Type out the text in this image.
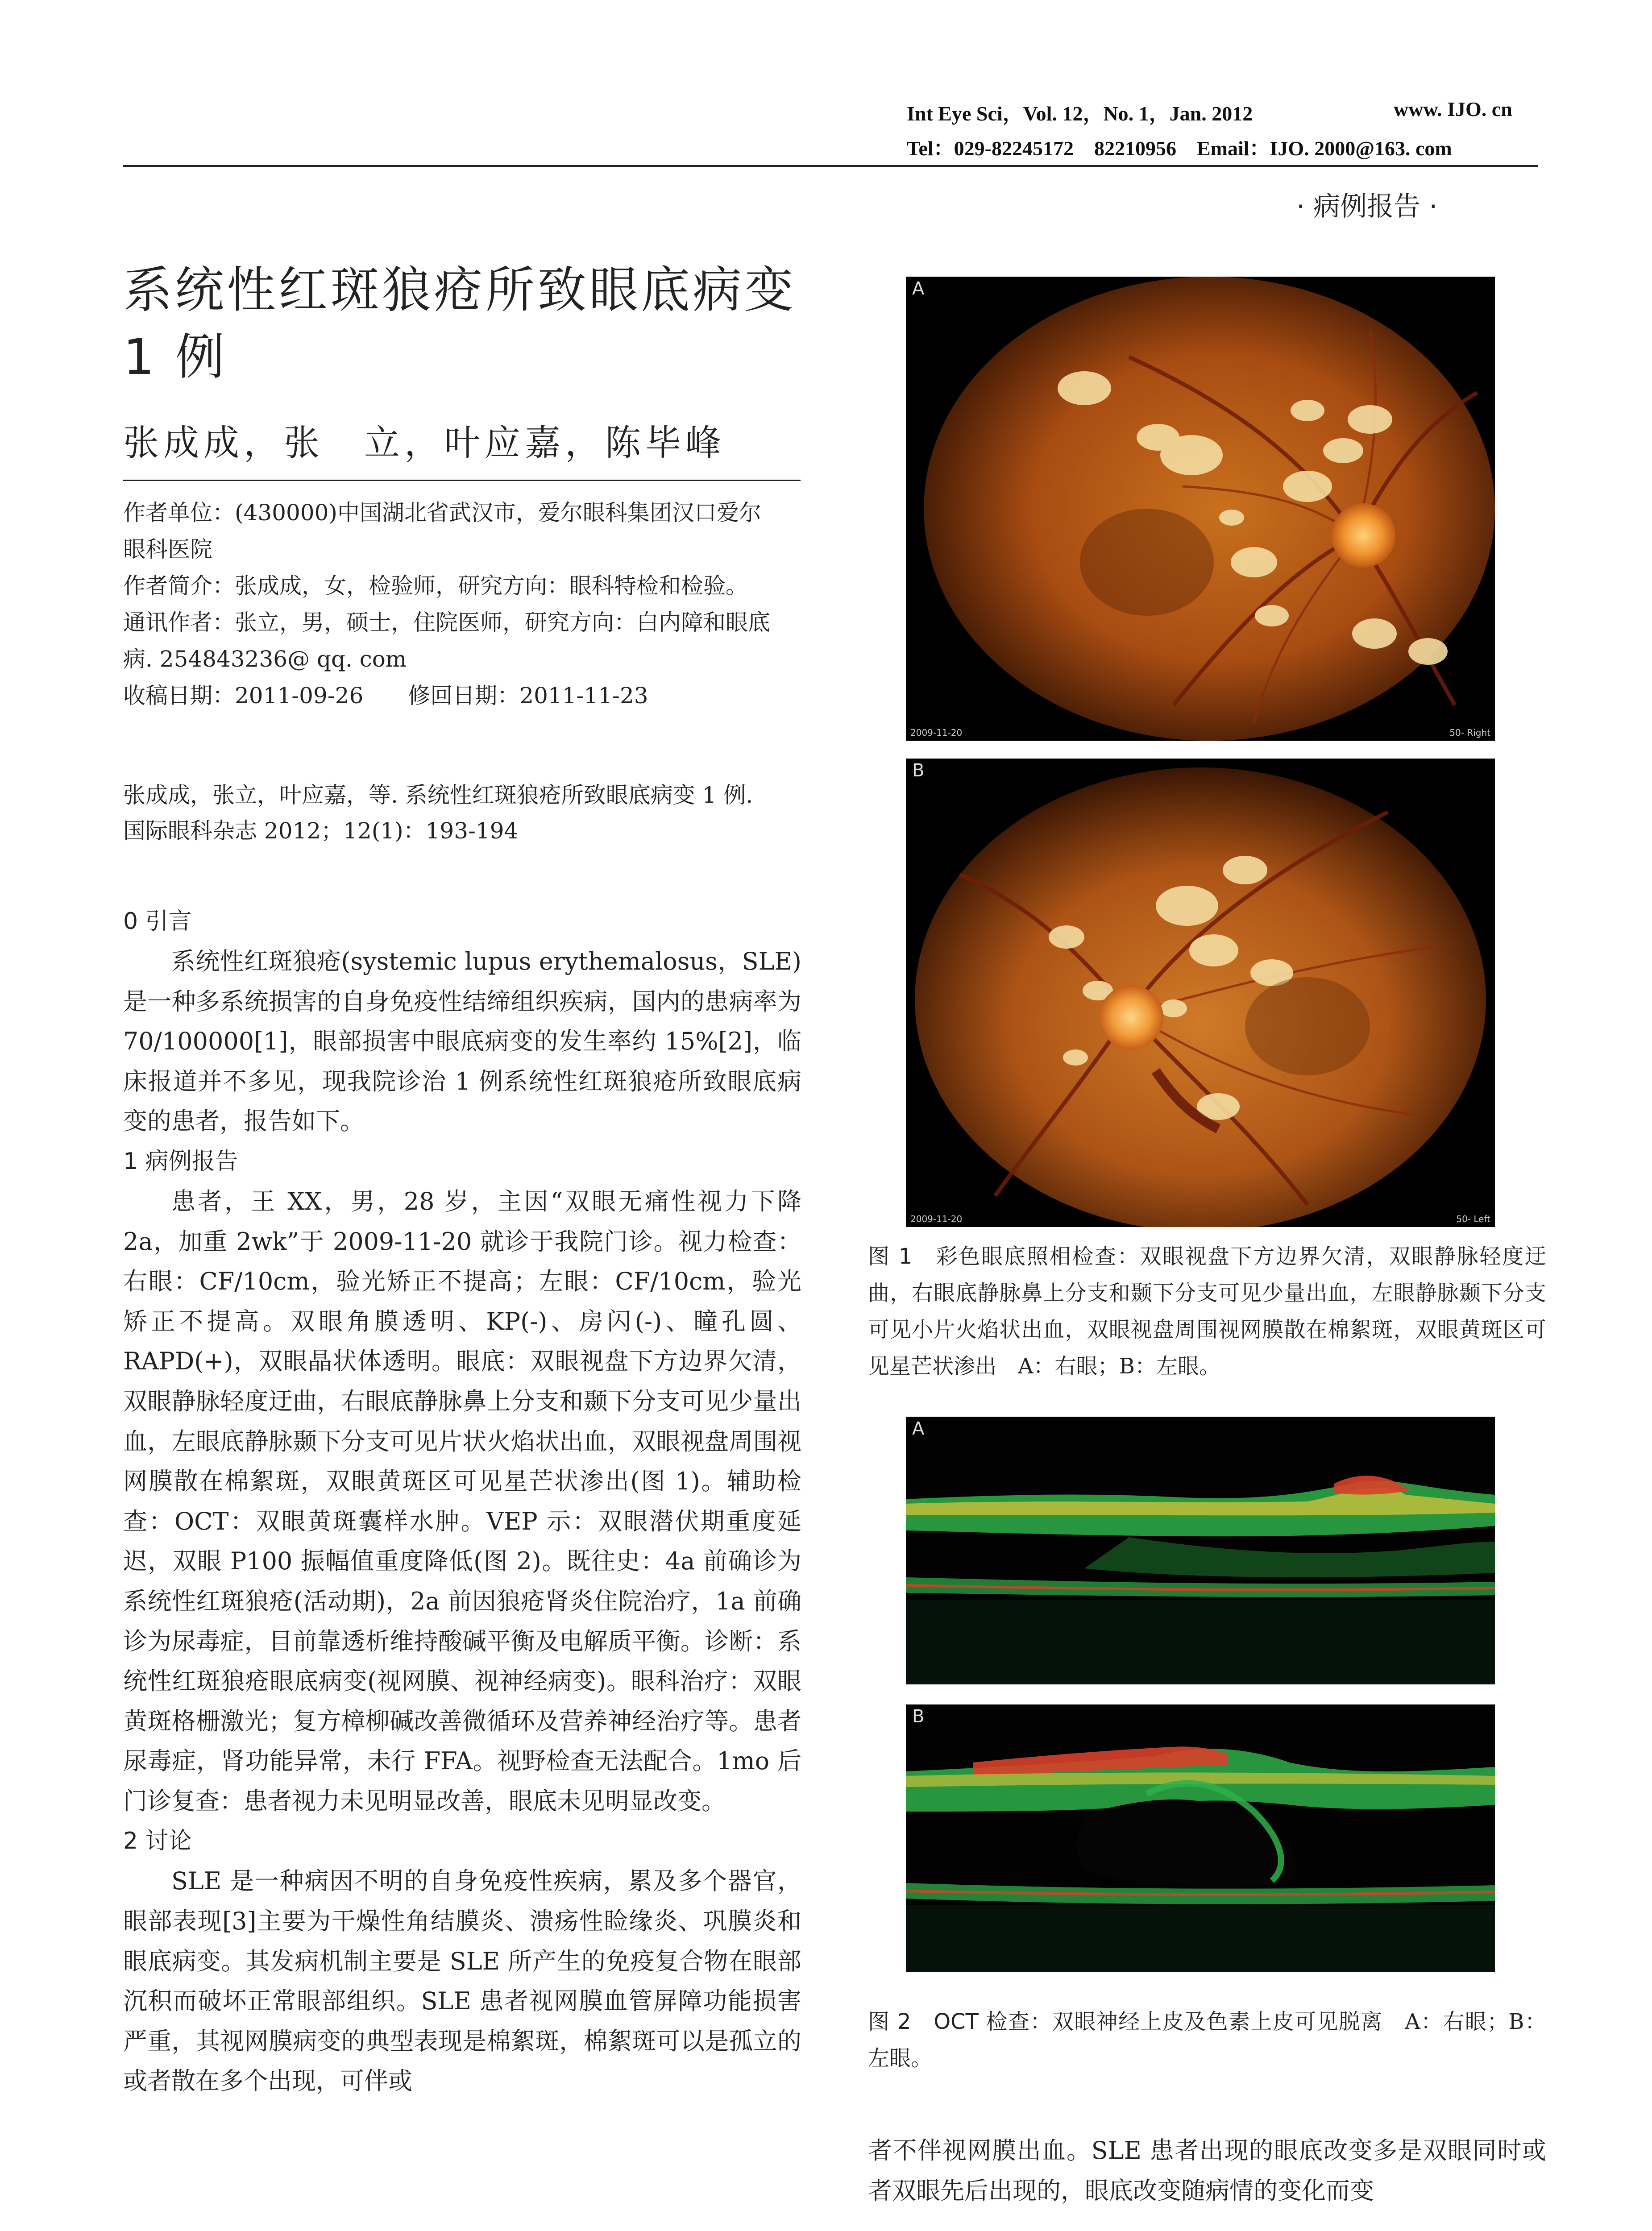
Int Eye Sci，Vol. 12，No. 1，Jan. 2012	www. IJO. cn
Tel：029-82245172　82210956　Email：IJO. 2000@163. com
· 病例报告 ·
系统性红斑狼疮所致眼底病变
1 例
张成成，张　立，叶应嘉，陈毕峰
作者单位：(430000)中国湖北省武汉市，爱尔眼科集团汉口爱尔
眼科医院
作者简介：张成成，女，检验师，研究方向：眼科特检和检验。
通讯作者：张立，男，硕士，住院医师，研究方向：白内障和眼底
病. 254843236@ qq. com
收稿日期：2011-09-26　　修回日期：2011-11-23
张成成，张立，叶应嘉，等. 系统性红斑狼疮所致眼底病变 1 例.
国际眼科杂志 2012；12(1)：193-194
0 引言
系统性红斑狼疮(systemic lupus erythemalosus，SLE)是一种多系统损害的自身免疫性结缔组织疾病，国内的患病率为 70/100000[1]，眼部损害中眼底病变的发生率约 15%[2]，临床报道并不多见，现我院诊治 1 例系统性红斑狼疮所致眼底病变的患者，报告如下。
1 病例报告
患者，王 XX，男，28 岁，主因“双眼无痛性视力下降 2a，加重 2wk”于 2009-11-20 就诊于我院门诊。视力检查：右眼：CF/10cm，验光矫正不提高；左眼：CF/10cm，验光矫正不提高。双眼角膜透明、KP(-)、房闪(-)、瞳孔圆、RAPD(+)，双眼晶状体透明。眼底：双眼视盘下方边界欠清，双眼静脉轻度迂曲，右眼底静脉鼻上分支和颞下分支可见少量出血，左眼底静脉颞下分支可见片状火焰状出血，双眼视盘周围视网膜散在棉絮斑，双眼黄斑区可见星芒状渗出(图 1)。辅助检查：OCT：双眼黄斑囊样水肿。VEP 示：双眼潜伏期重度延迟，双眼 P100 振幅值重度降低(图 2)。既往史：4a 前确诊为系统性红斑狼疮(活动期)，2a 前因狼疮肾炎住院治疗，1a 前确诊为尿毒症，目前靠透析维持酸碱平衡及电解质平衡。诊断：系统性红斑狼疮眼底病变(视网膜、视神经病变)。眼科治疗：双眼黄斑格栅激光；复方樟柳碱改善微循环及营养神经治疗等。患者尿毒症，肾功能异常，未行 FFA。视野检查无法配合。1mo 后门诊复查：患者视力未见明显改善，眼底未见明显改变。
2 讨论
SLE 是一种病因不明的自身免疫性疾病，累及多个器官，眼部表现[3]主要为干燥性角结膜炎、溃疡性睑缘炎、巩膜炎和眼底病变。其发病机制主要是 SLE 所产生的免疫复合物在眼部沉积而破坏正常眼部组织。SLE 患者视网膜血管屏障功能损害严重，其视网膜病变的典型表现是棉絮斑，棉絮斑可以是孤立的或者散在多个出现，可伴或
A
2009-11-20	50- Right
B
2009-11-20	50- Left
图 1　彩色眼底照相检查：双眼视盘下方边界欠清，双眼静脉轻度迂曲，右眼底静脉鼻上分支和颞下分支可见少量出血，左眼静脉颞下分支可见小片火焰状出血，双眼视盘周围视网膜散在棉絮斑，双眼黄斑区可见星芒状渗出　A：右眼；B：左眼。
A
B
图 2　OCT 检查：双眼神经上皮及色素上皮可见脱离　A：右眼；B：左眼。
者不伴视网膜出血。SLE 患者出现的眼底改变多是双眼同时或者双眼先后出现的，眼底改变随病情的变化而变
